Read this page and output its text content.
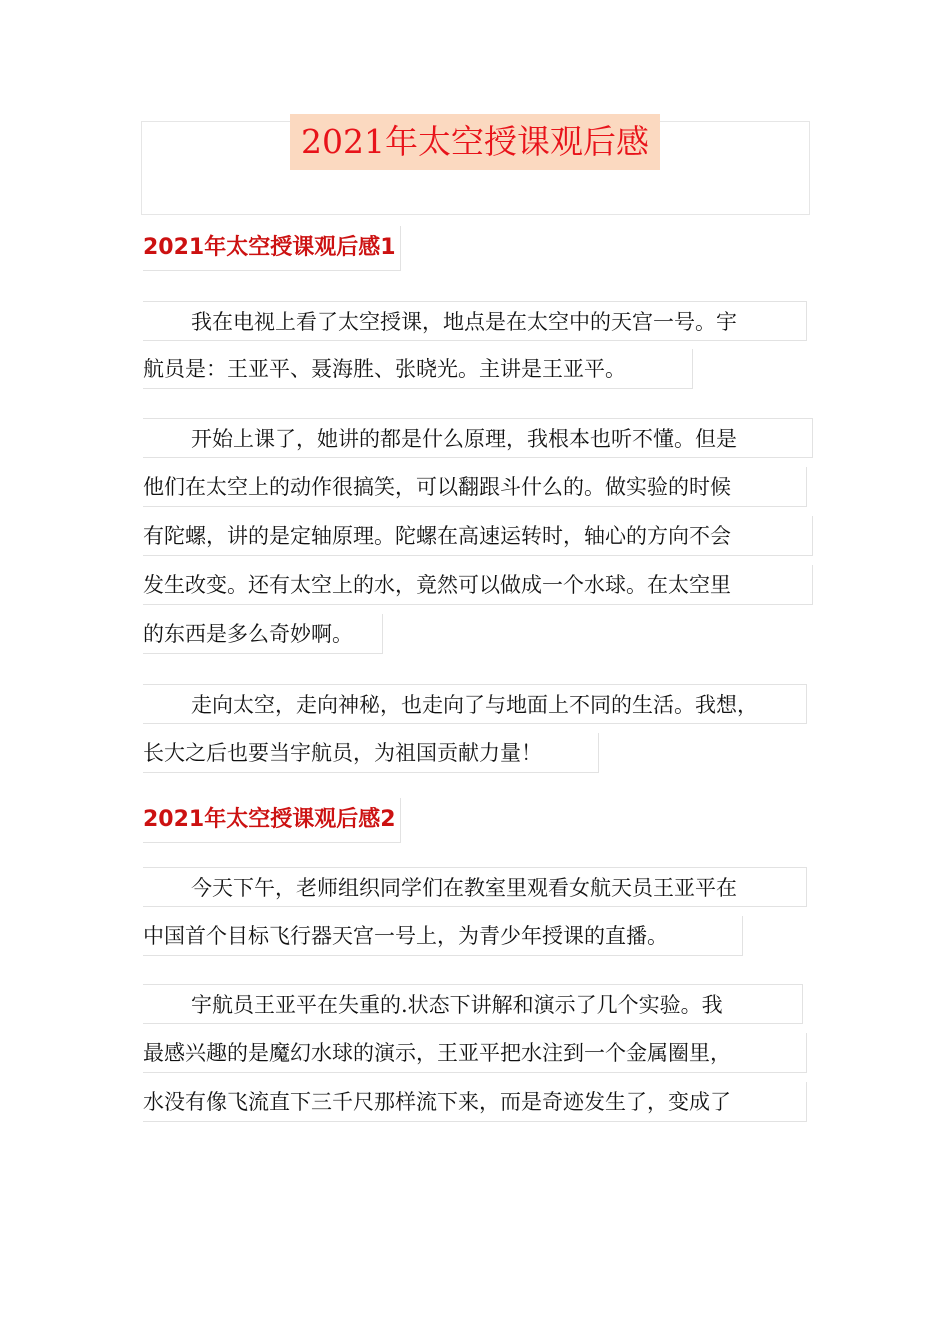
2021年太空授课观后感
2021年太空授课观后感1
我在电视上看了太空授课，地点是在太空中的天宫一号。宇
航员是：王亚平、聂海胜、张晓光。主讲是王亚平。
开始上课了，她讲的都是什么原理，我根本也听不懂。但是
他们在太空上的动作很搞笑，可以翻跟斗什么的。做实验的时候
有陀螺，讲的是定轴原理。陀螺在高速运转时，轴心的方向不会
发生改变。还有太空上的水，竟然可以做成一个水球。在太空里
的东西是多么奇妙啊。
走向太空，走向神秘，也走向了与地面上不同的生活。我想，
长大之后也要当宇航员，为祖国贡献力量！
2021年太空授课观后感2
今天下午，老师组织同学们在教室里观看女航天员王亚平在
中国首个目标飞行器天宫一号上，为青少年授课的直播。
宇航员王亚平在失重的.状态下讲解和演示了几个实验。我
最感兴趣的是魔幻水球的演示，王亚平把水注到一个金属圈里，
水没有像飞流直下三千尺那样流下来，而是奇迹发生了，变成了
